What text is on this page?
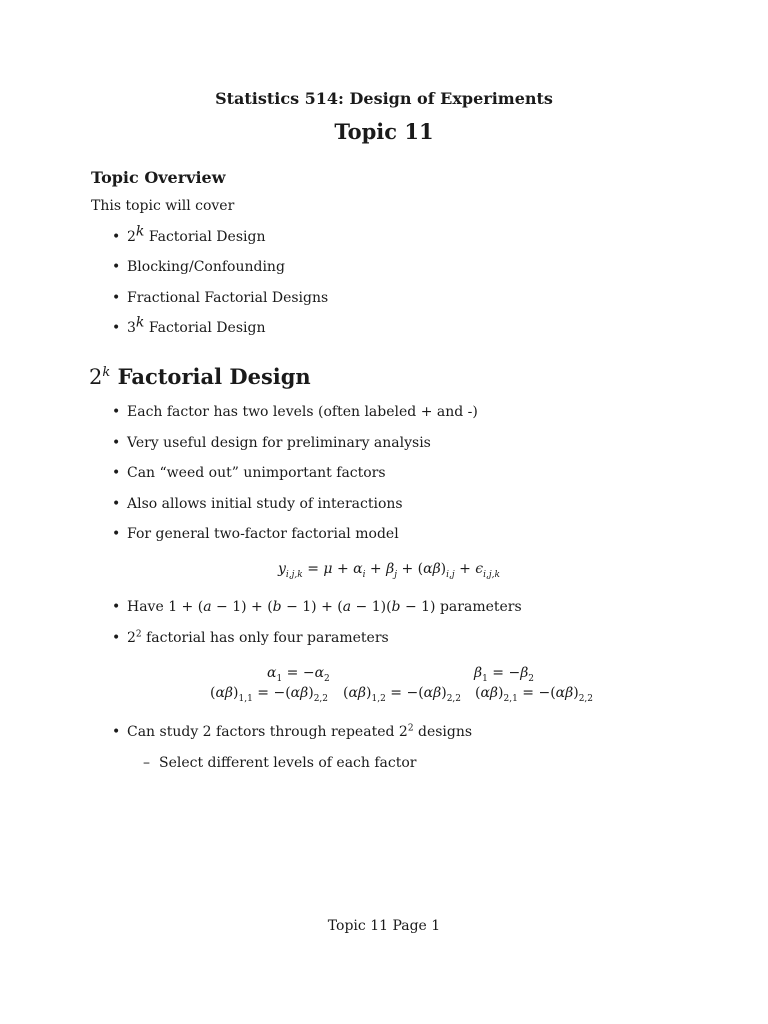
Statistics 514: Design of Experiments
Topic 11
Topic Overview
This topic will cover
• 2$^k$ Factorial Design
• Blocking/Confounding
• Fractional Factorial Designs
• 3$^k$ Factorial Design
2$^k$ Factorial Design
• Each factor has two levels (often labeled + and -)
• Very useful design for preliminary analysis
• Can “weed out” unimportant factors
• Also allows initial study of interactions
• For general two-factor factorial model
$y_{i,j,k} = \mu + \alpha_i + \beta_j + (\alpha\beta)_{i,j} + \epsilon_{i,j,k}$
• Have 1 + (a − 1) + (b − 1) + (a − 1)(b − 1) parameters
• $2^2$ factorial has only four parameters
$\alpha_1 = -\alpha_2$	$\beta_1 = -\beta_2$
$(\alpha\beta)_{1,1} = -(\alpha\beta)_{2,2}$ $(\alpha\beta)_{1,2} = -(\alpha\beta)_{2,2}$ $(\alpha\beta)_{2,1} = -(\alpha\beta)_{2,2}$
• Can study 2 factors through repeated $2^2$ designs
– Select different levels of each factor
Topic 11 Page 1
